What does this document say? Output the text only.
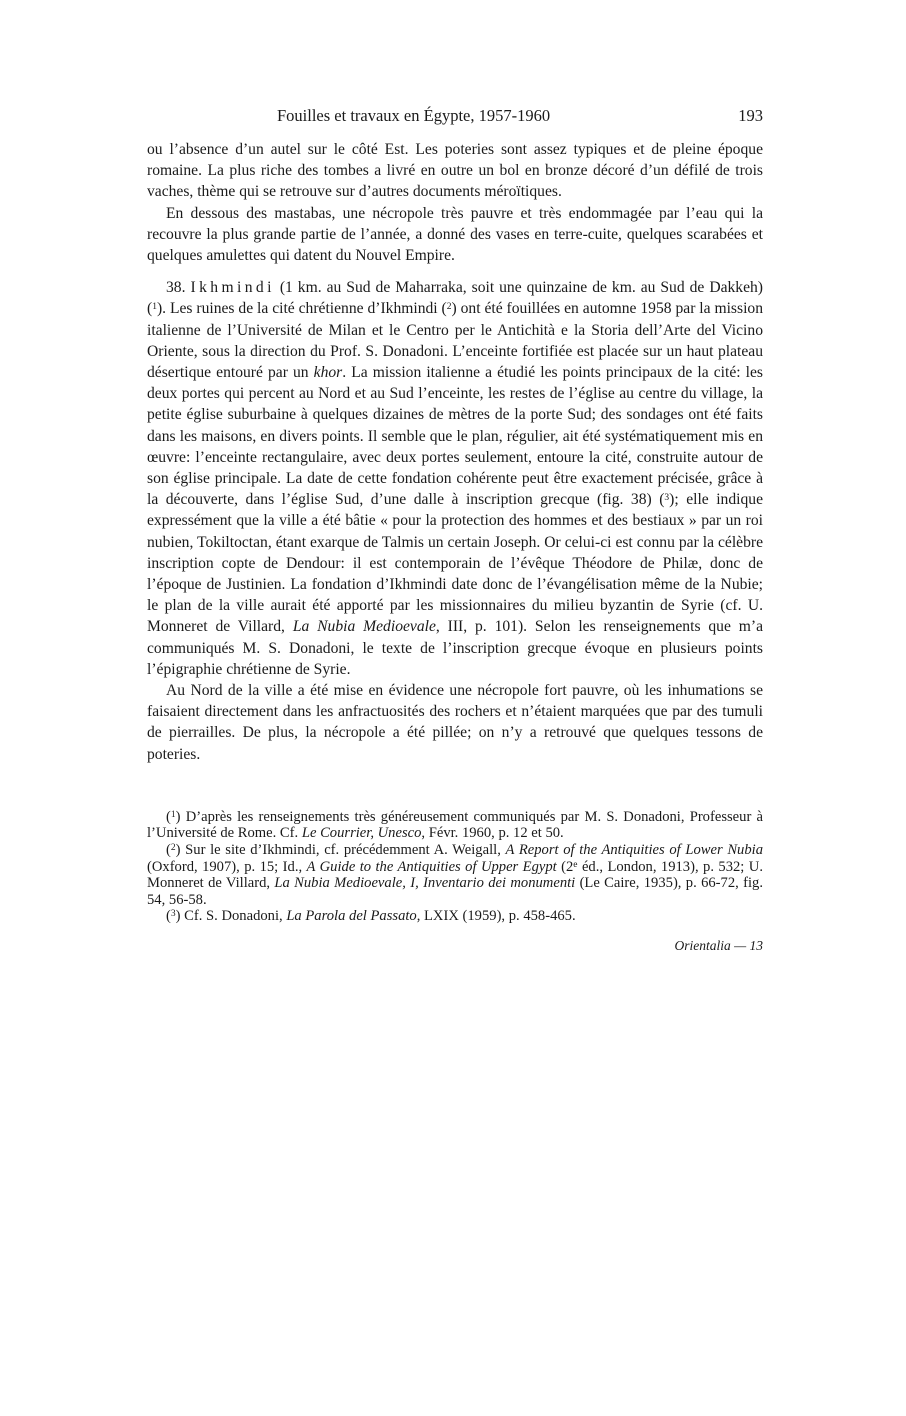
Fouilles et travaux en Égypte, 1957-1960	193

ou l’absence d’un autel sur le côté Est. Les poteries sont assez typiques et de pleine époque romaine. La plus riche des tombes a livré en outre un bol en bronze décoré d’un défilé de trois vaches, thème qui se retrouve sur d’autres documents méroïtiques.

En dessous des mastabas, une nécropole très pauvre et très endommagée par l’eau qui la recouvre la plus grande partie de l’année, a donné des vases en terre-cuite, quelques scarabées et quelques amulettes qui datent du Nouvel Empire.

38. Ikhmindi (1 km. au Sud de Maharraka, soit une quinzaine de km. au Sud de Dakkeh) ($^1$). Les ruines de la cité chrétienne d’Ikhmindi ($^2$) ont été fouillées en automne 1958 par la mission italienne de l’Université de Milan et le Centro per le Antichità e la Storia dell’Arte del Vicino Oriente, sous la direction du Prof. S. Donadoni. L’enceinte fortifiée est placée sur un haut plateau désertique entouré par un khor. La mission italienne a étudié les points principaux de la cité: les deux portes qui percent au Nord et au Sud l’enceinte, les restes de l’église au centre du village, la petite église suburbaine à quelques dizaines de mètres de la porte Sud; des sondages ont été faits dans les maisons, en divers points. Il semble que le plan, régulier, ait été systématiquement mis en œuvre: l’enceinte rectangulaire, avec deux portes seulement, entoure la cité, construite autour de son église principale. La date de cette fondation cohérente peut être exactement précisée, grâce à la découverte, dans l’église Sud, d’une dalle à inscription grecque (fig. 38) ($^3$); elle indique expressément que la ville a été bâtie « pour la protection des hommes et des bestiaux » par un roi nubien, Tokiltoctan, étant exarque de Talmis un certain Joseph. Or celui-ci est connu par la célèbre inscription copte de Dendour: il est contemporain de l’évêque Théodore de Philæ, donc de l’époque de Justinien. La fondation d’Ikhmindi date donc de l’évangélisation même de la Nubie; le plan de la ville aurait été apporté par les missionnaires du milieu byzantin de Syrie (cf. U. Monneret de Villard, La Nubia Medioevale, III, p. 101). Selon les renseignements que m’a communiqués M. S. Donadoni, le texte de l’inscription grecque évoque en plusieurs points l’épigraphie chrétienne de Syrie.

Au Nord de la ville a été mise en évidence une nécropole fort pauvre, où les inhumations se faisaient directement dans les anfractuosités des rochers et n’étaient marquées que par des tumuli de pierrailles. De plus, la nécropole a été pillée; on n’y a retrouvé que quelques tessons de poteries.

($^1$) D’après les renseignements très généreusement communiqués par M. S. Donadoni, Professeur à l’Université de Rome. Cf. Le Courrier, Unesco, Févr. 1960, p. 12 et 50.

($^2$) Sur le site d’Ikhmindi, cf. précédemment A. Weigall, A Report of the Antiquities of Lower Nubia (Oxford, 1907), p. 15; Id., A Guide to the Antiquities of Upper Egypt (2e éd., London, 1913), p. 532; U. Monneret de Villard, La Nubia Medioevale, I, Inventario dei monumenti (Le Caire, 1935), p. 66-72, fig. 54, 56-58.

($^3$) Cf. S. Donadoni, La Parola del Passato, LXIX (1959), p. 458-465.

Orientalia — 13
